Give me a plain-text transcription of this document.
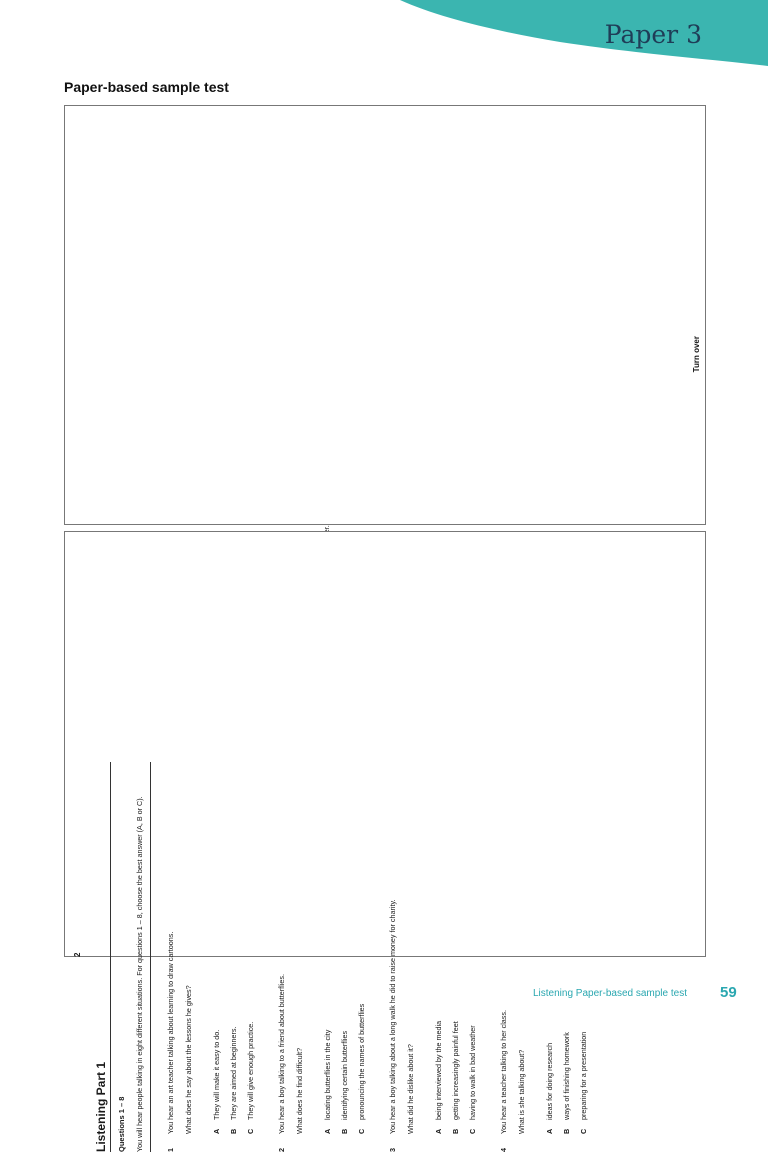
Paper 3
Paper-based sample test
Turn over
2
Listening Part 1 Questions 1 – 8 You will hear people talking in eight different situations. For questions 1 – 8, choose the best answer (A, B or C).	1
You hear an art teacher talking about learning to draw cartoons. What does he say about the lessons he gives?	A
They will make it easy to do.
B
They are aimed at beginners.
C
They will give enough practice.
2
You hear a boy talking to a friend about butterflies. What does he find difficult?	A
locating butterflies in the city
B
identifying certain butterflies
C
pronouncing the names of butterflies
3
You hear a boy talking about a long walk he did to raise money for charity. What did he dislike about it?	A
being interviewed by the media
B
getting increasingly painful feet
C
having to walk in bad weather
4
You hear a teacher talking to her class. What is she talking about?	A
ideas for doing research
B
ways of finishing homework
C
preparing for a presentation
Listening Paper-based sample test 59
